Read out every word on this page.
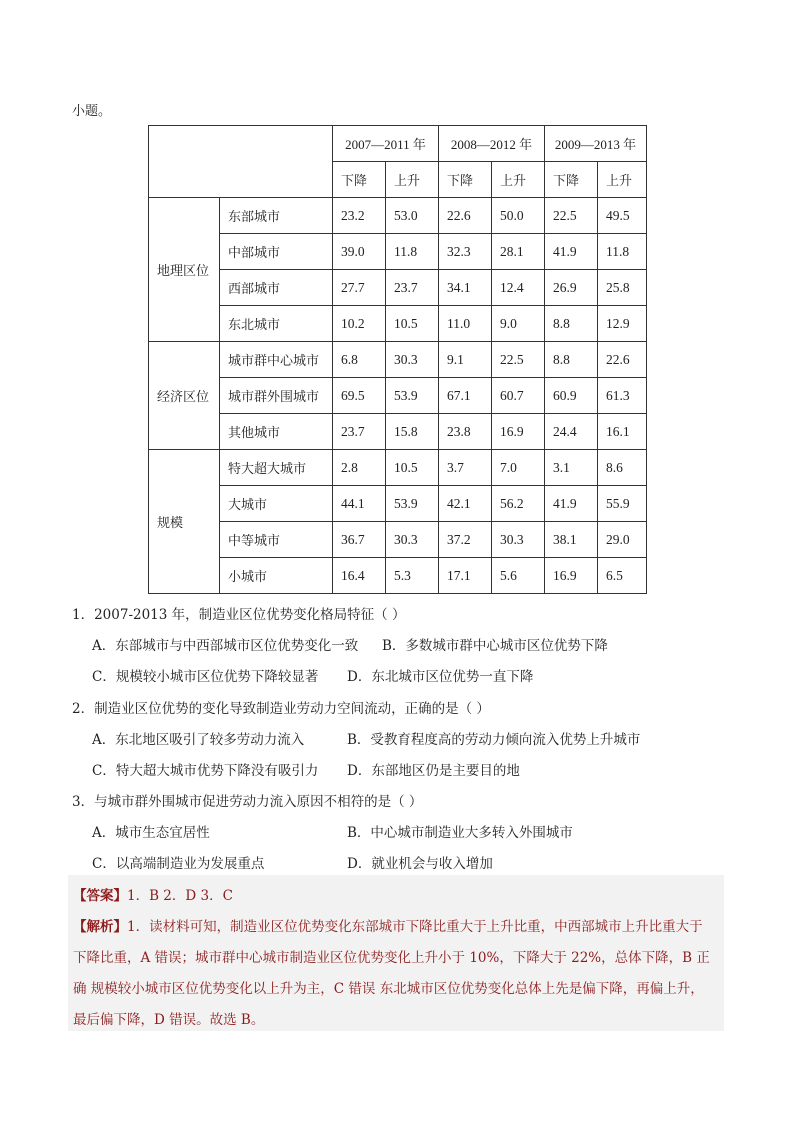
小题。
		2007—2011 年		2008—2012 年		2009—2013 年	
		下降	上升	下降	上升	下降	上升
地理区位	东部城市	23.2	53.0	22.6	50.0	22.5	49.5
	中部城市	39.0	11.8	32.3	28.1	41.9	11.8
	西部城市	27.7	23.7	34.1	12.4	26.9	25.8
	东北城市	10.2	10.5	11.0	9.0	8.8	12.9
经济区位	城市群中心城市	6.8	30.3	9.1	22.5	8.8	22.6
	城市群外围城市	69.5	53.9	67.1	60.7	60.9	61.3
	其他城市	23.7	15.8	23.8	16.9	24.4	16.1
规模	特大超大城市	2.8	10.5	3.7	7.0	3.1	8.6
	大城市	44.1	53.9	42.1	56.2	41.9	55.9
	中等城市	36.7	30.3	37.2	30.3	38.1	29.0
	小城市	16.4	5.3	17.1	5.6	16.9	6.5
1．2007-2013 年，制造业区位优势变化格局特征（ ）
A．东部城市与中西部城市区位优势变化一致 B．多数城市群中心城市区位优势下降
C．规模较小城市区位优势下降较显著 D．东北城市区位优势一直下降
2．制造业区位优势的变化导致制造业劳动力空间流动，正确的是（ ）
A．东北地区吸引了较多劳动力流入	B．受教育程度高的劳动力倾向流入优势上升城市
C．特大超大城市优势下降没有吸引力 D．东部地区仍是主要目的地
3．与城市群外围城市促进劳动力流入原因不相符的是（ ）
A．城市生态宜居性	B．中心城市制造业大多转入外围城市
C．以高端制造业为发展重点	D．就业机会与收入增加
【答案】1．B 2．D 3．C
【解析】1．读材料可知，制造业区位优势变化东部城市下降比重大于上升比重，中西部城市上升比重大于
下降比重，A 错误；城市群中心城市制造业区位优势变化上升小于 10%，下降大于 22%，总体下降，B 正
确 规模较小城市区位优势变化以上升为主，C 错误 东北城市区位优势变化总体上先是偏下降，再偏上升，
最后偏下降，D 错误。故选 B。
